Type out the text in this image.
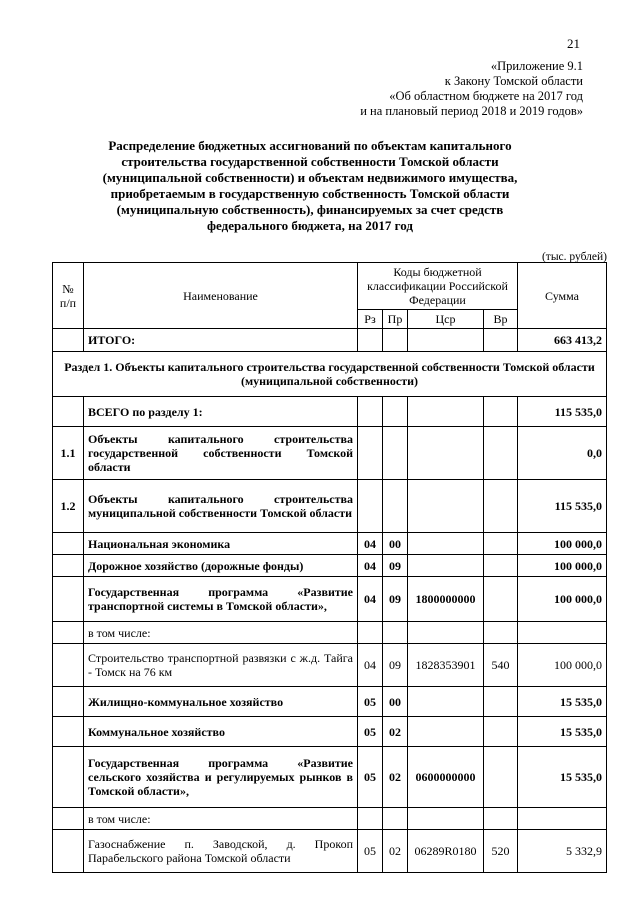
21
«Приложение 9.1
к Закону Томской области
«Об областном бюджете на 2017 год
и на плановый период 2018 и 2019 годов»
Распределение бюджетных ассигнований по объектам капитального строительства государственной собственности Томской области (муниципальной собственности) и объектам недвижимого имущества, приобретаемым в государственную собственность Томской области (муниципальную собственность), финансируемых за счет средств федерального бюджета, на 2017 год
(тыс. рублей)
№ п/п	Наименование	Коды бюджетной классификации Российской Федерации				Сумма
		Рз	Пр	Цср	Вр	
	ИТОГО:					663 413,2
Раздел 1. Объекты капитального строительства государственной собственности Томской области (муниципальной собственности)						
	ВСЕГО по разделу 1:					115 535,0
1.1	Объекты капитального строительства государственной собственности Томской области					0,0
1.2	Объекты капитального строительства муниципальной собственности Томской области					115 535,0
	Национальная экономика	04	00			100 000,0
	Дорожное хозяйство (дорожные фонды)	04	09			100 000,0
	Государственная программа «Развитие транспортной системы в Томской области»,	04	09	1800000000		100 000,0
	в том числе:					
	Строительство транспортной развязки с ж.д. Тайга - Томск на 76 км	04	09	1828353901	540	100 000,0
	Жилищно-коммунальное хозяйство	05	00			15 535,0
	Коммунальное хозяйство	05	02			15 535,0
	Государственная программа «Развитие сельского хозяйства и регулируемых рынков в Томской области»,	05	02	0600000000		15 535,0
	в том числе:					
	Газоснабжение п. Заводской, д. Прокоп Парабельского района Томской области	05	02	06289R0180	520	5 332,9
